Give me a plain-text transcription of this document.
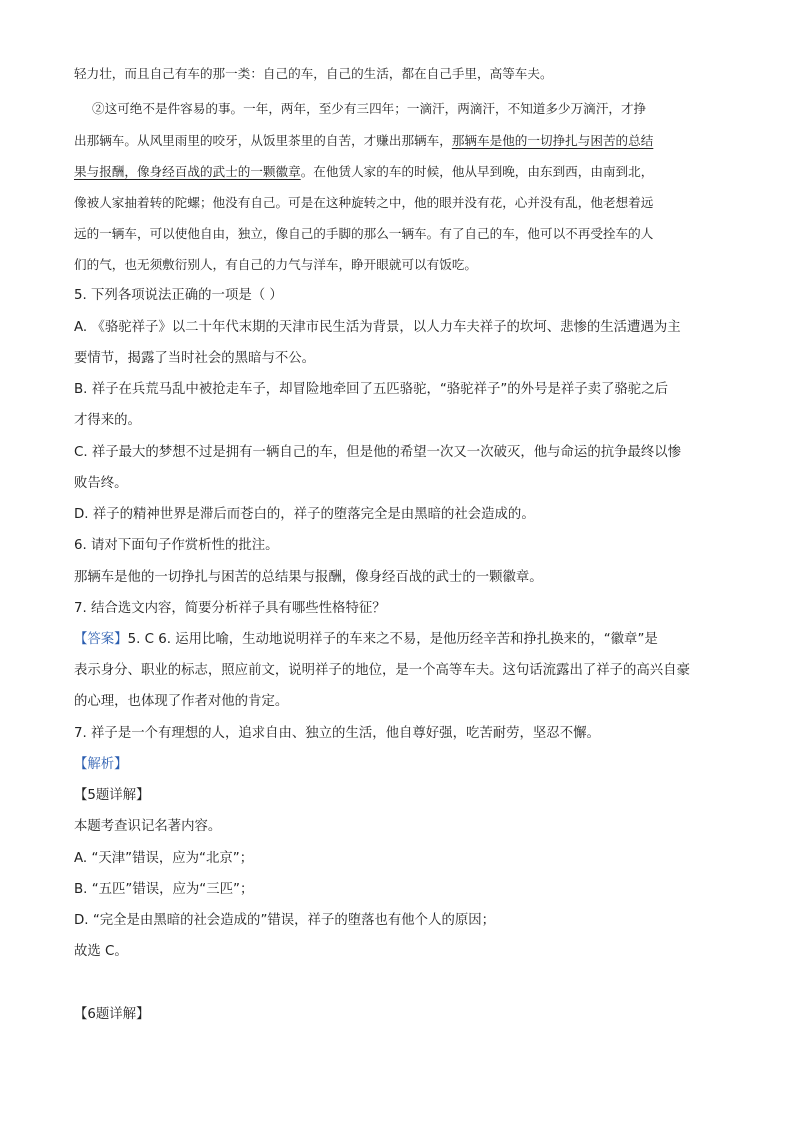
轻力壮，而且自己有车的那一类：自己的车，自己的生活，都在自己手里，高等车夫。
②这可绝不是件容易的事。一年，两年，至少有三四年；一滴汗，两滴汗，不知道多少万滴汗，才挣
出那辆车。从风里雨里的咬牙，从饭里茶里的自苦，才赚出那辆车，那辆车是他的一切挣扎与困苦的总结
果与报酬，像身经百战的武士的一颗徽章。在他赁人家的车的时候，他从早到晚，由东到西，由南到北，
像被人家抽着转的陀螺；他没有自己。可是在这种旋转之中，他的眼并没有花，心并没有乱，他老想着远
远的一辆车，可以使他自由，独立，像自己的手脚的那么一辆车。有了自己的车，他可以不再受拴车的人
们的气，也无须敷衍别人，有自己的力气与洋车，睁开眼就可以有饭吃。
5. 下列各项说法正确的一项是（ ）
A. 《骆驼祥子》以二十年代末期的天津市民生活为背景，以人力车夫祥子的坎坷、悲惨的生活遭遇为主
要情节，揭露了当时社会的黑暗与不公。
B. 祥子在兵荒马乱中被抢走车子，却冒险地牵回了五匹骆驼，“骆驼祥子”的外号是祥子卖了骆驼之后
才得来的。
C. 祥子最大的梦想不过是拥有一辆自己的车，但是他的希望一次又一次破灭，他与命运的抗争最终以惨
败告终。
D. 祥子的精神世界是滞后而苍白的，祥子的堕落完全是由黑暗的社会造成的。
6. 请对下面句子作赏析性的批注。
那辆车是他的一切挣扎与困苦的总结果与报酬，像身经百战的武士的一颗徽章。
7. 结合选文内容，简要分析祥子具有哪些性格特征？
【答案】5. C 6. 运用比喻，生动地说明祥子的车来之不易，是他历经辛苦和挣扎换来的，“徽章”是
表示身分、职业的标志，照应前文，说明祥子的地位，是一个高等车夫。这句话流露出了祥子的高兴自豪
的心理，也体现了作者对他的肯定。
7. 祥子是一个有理想的人，追求自由、独立的生活，他自尊好强，吃苦耐劳，坚忍不懈。
【解析】
【5题详解】
本题考查识记名著内容。
A. “天津”错误，应为“北京”；
B. “五匹”错误，应为“三匹”；
D. “完全是由黑暗的社会造成的”错误，祥子的堕落也有他个人的原因；
故选 C。
【6题详解】
